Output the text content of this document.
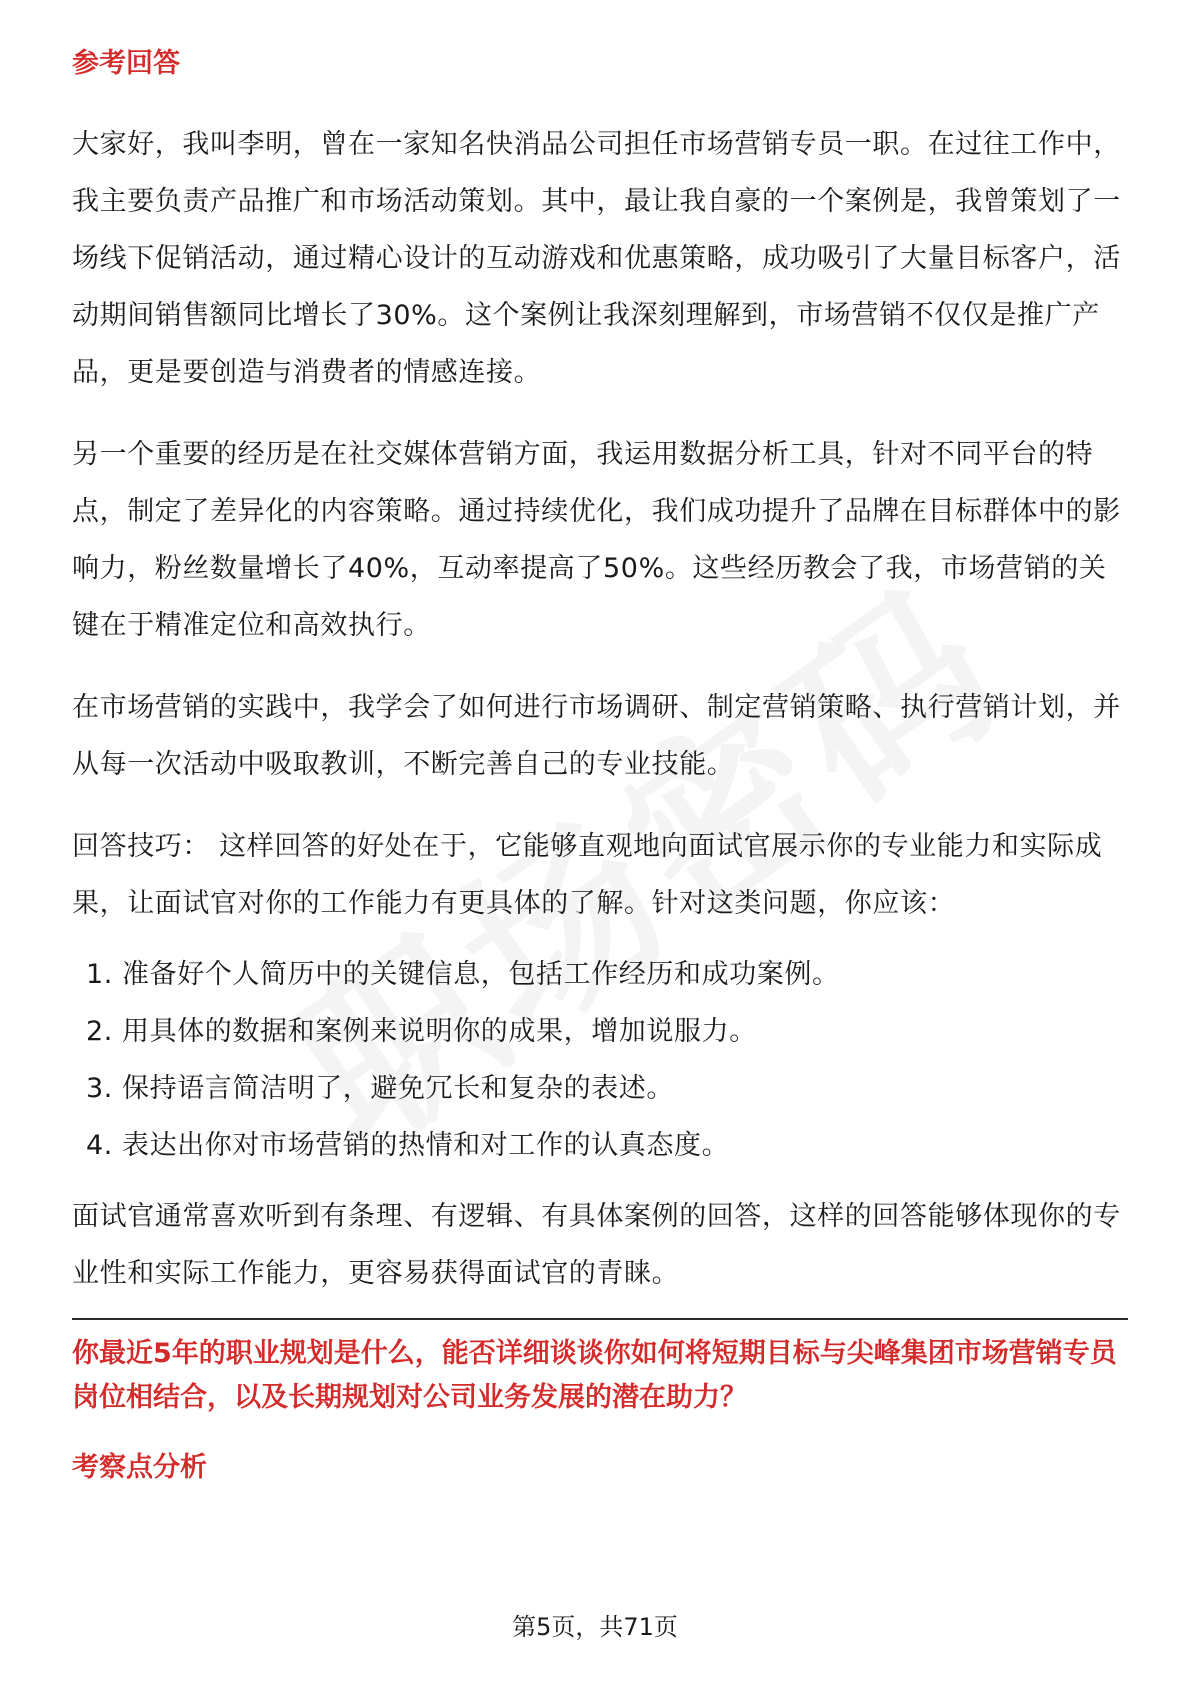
参考回答

大家好，我叫李明，曾在一家知名快消品公司担任市场营销专员一职。在过往工作中，我主要负责产品推广和市场活动策划。其中，最让我自豪的一个案例是，我曾策划了一场线下促销活动，通过精心设计的互动游戏和优惠策略，成功吸引了大量目标客户，活动期间销售额同比增长了30%。这个案例让我深刻理解到，市场营销不仅仅是推广产品，更是要创造与消费者的情感连接。

另一个重要的经历是在社交媒体营销方面，我运用数据分析工具，针对不同平台的特点，制定了差异化的内容策略。通过持续优化，我们成功提升了品牌在目标群体中的影响力，粉丝数量增长了40%，互动率提高了50%。这些经历教会了我，市场营销的关键在于精准定位和高效执行。

在市场营销的实践中，我学会了如何进行市场调研、制定营销策略、执行营销计划，并从每一次活动中吸取教训，不断完善自己的专业技能。

回答技巧： 这样回答的好处在于，它能够直观地向面试官展示你的专业能力和实际成果，让面试官对你的工作能力有更具体的了解。针对这类问题，你应该：

1. 准备好个人简历中的关键信息，包括工作经历和成功案例。
2. 用具体的数据和案例来说明你的成果，增加说服力。
3. 保持语言简洁明了，避免冗长和复杂的表述。
4. 表达出你对市场营销的热情和对工作的认真态度。

面试官通常喜欢听到有条理、有逻辑、有具体案例的回答，这样的回答能够体现你的专业性和实际工作能力，更容易获得面试官的青睐。

你最近5年的职业规划是什么，能否详细谈谈你如何将短期目标与尖峰集团市场营销专员岗位相结合，以及长期规划对公司业务发展的潜在助力？

考察点分析

第5页，共71页
